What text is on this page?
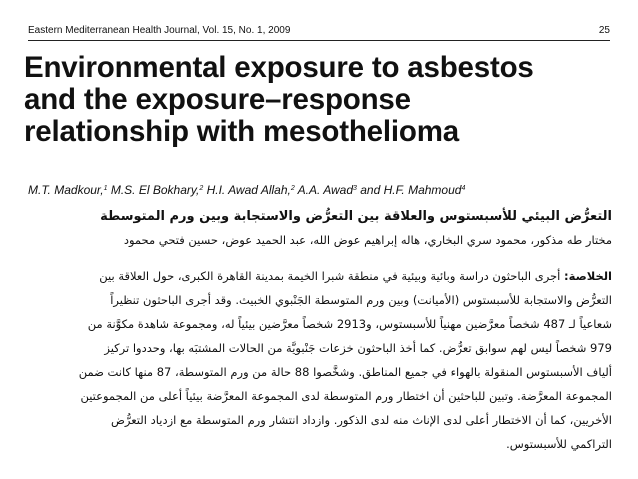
Eastern Mediterranean Health Journal, Vol. 15, No. 1, 2009	25
Environmental exposure to asbestos
and the exposure–response
relationship with mesothelioma
M.T. Madkour,$^1$ M.S. El Bokhary,$^2$ H.I. Awad Allah,$^2$ A.A. Awad$^3$ and H.F. Mahmoud$^4$
التعرُّض البيئي للأسبستوس والعلاقة بين التعرُّض والاستجابة وبين ورم المتوسطة
مختار طه مذكور، محمود سري البخاري، هاله إبراهيم عوض الله، عبد الحميد عوض، حسين فتحي محمود
الخلاصة: أجرى الباحثون دراسة وبائية وبيئية في منطقة شبرا الخيمة بمدينة القاهرة الكبرى، حول العلاقة بين
التعرُّض والاستجابة للأسبستوس (الأميانت) وبين ورم المتوسطة الجَنْبوي الخبيث. وقد أجرى الباحثون تنظيراً
شعاعياً لـ 487 شخصاً معرَّضين مهنياً للأسبستوس، و2913 شخصاً معرَّضين بيئياً له، ومجموعة شاهدة مكوَّنة من
979 شخصاً ليس لهم سوابق تعرُّض. كما أخذ الباحثون خزعات جَنْبويَّة من الحالات المشتبَه بها، وحددوا تركيز
ألياف الأسبستوس المنقولة بالهواء في جميع المناطق. وشخَّصوا 88 حالة من ورم المتوسطة، 87 منها كانت ضمن
المجموعة المعرَّضة. وتبين للباحثين أن اختطار ورم المتوسطة لدى المجموعة المعرَّضة بيئياً أعلى من المجموعتين
الأخريين، كما أن الاختطار أعلى لدى الإناث منه لدى الذكور. وازداد انتشار ورم المتوسطة مع ازدياد التعرُّض
التراكمي للأسبستوس.
